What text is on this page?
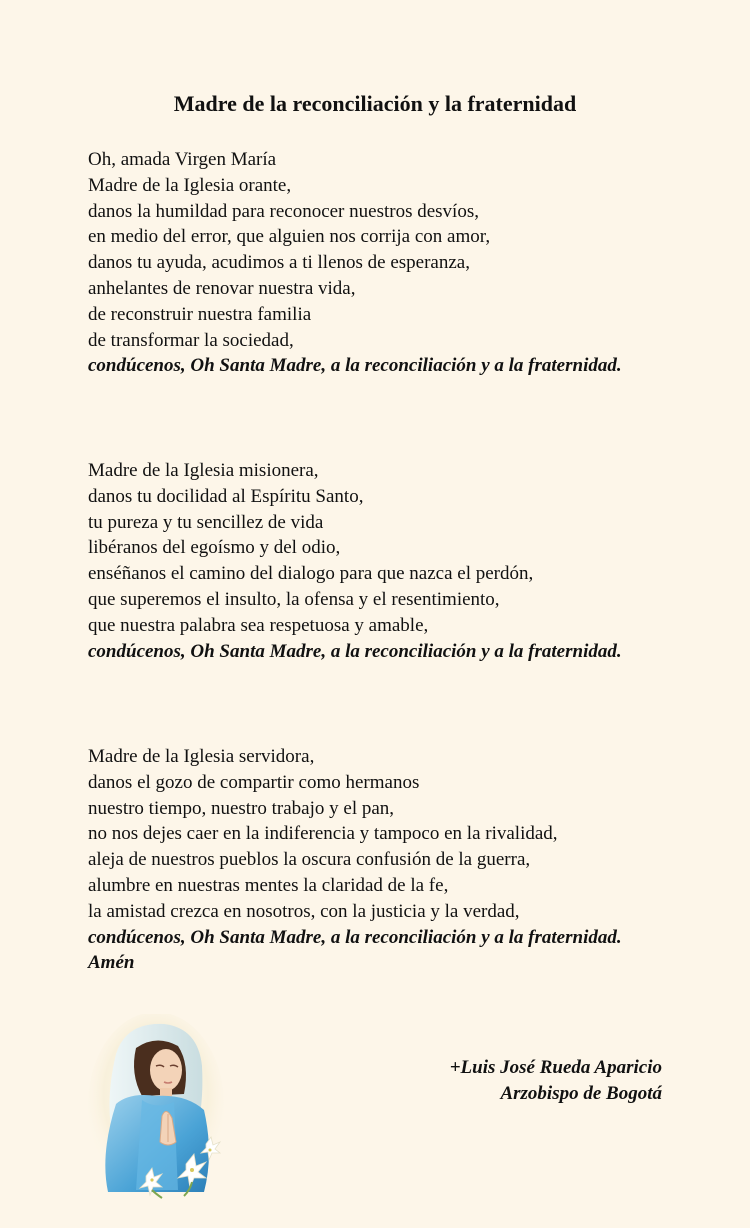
Madre de la reconciliación y la fraternidad
Oh, amada Virgen María
Madre de la Iglesia orante,
danos la humildad para reconocer nuestros desvíos,
en medio del error, que alguien nos corrija con amor,
danos tu ayuda, acudimos a ti llenos de esperanza,
anhelantes de renovar nuestra vida,
de reconstruir nuestra familia
de transformar la sociedad,
condúcenos, Oh Santa Madre, a la reconciliación y a la fraternidad.
Madre de la Iglesia misionera,
danos tu docilidad al Espíritu Santo,
tu pureza y tu sencillez de vida
libéranos del egoísmo y del odio,
enséñanos el camino del dialogo para que nazca el perdón,
que superemos el insulto, la ofensa y el resentimiento,
que nuestra palabra sea respetuosa y amable,
condúcenos, Oh Santa Madre, a la reconciliación y a la fraternidad.
Madre de la Iglesia servidora,
danos el gozo de compartir como hermanos
nuestro tiempo, nuestro trabajo y el pan,
no nos dejes caer en la indiferencia y tampoco en la rivalidad,
aleja de nuestros pueblos la oscura confusión de la guerra,
alumbre en nuestras mentes la claridad de la fe,
la amistad crezca en nosotros, con la justicia y la verdad,
condúcenos, Oh Santa Madre, a la reconciliación y a la fraternidad.
Amén
+Luis José Rueda Aparicio
Arzobispo de Bogotá
